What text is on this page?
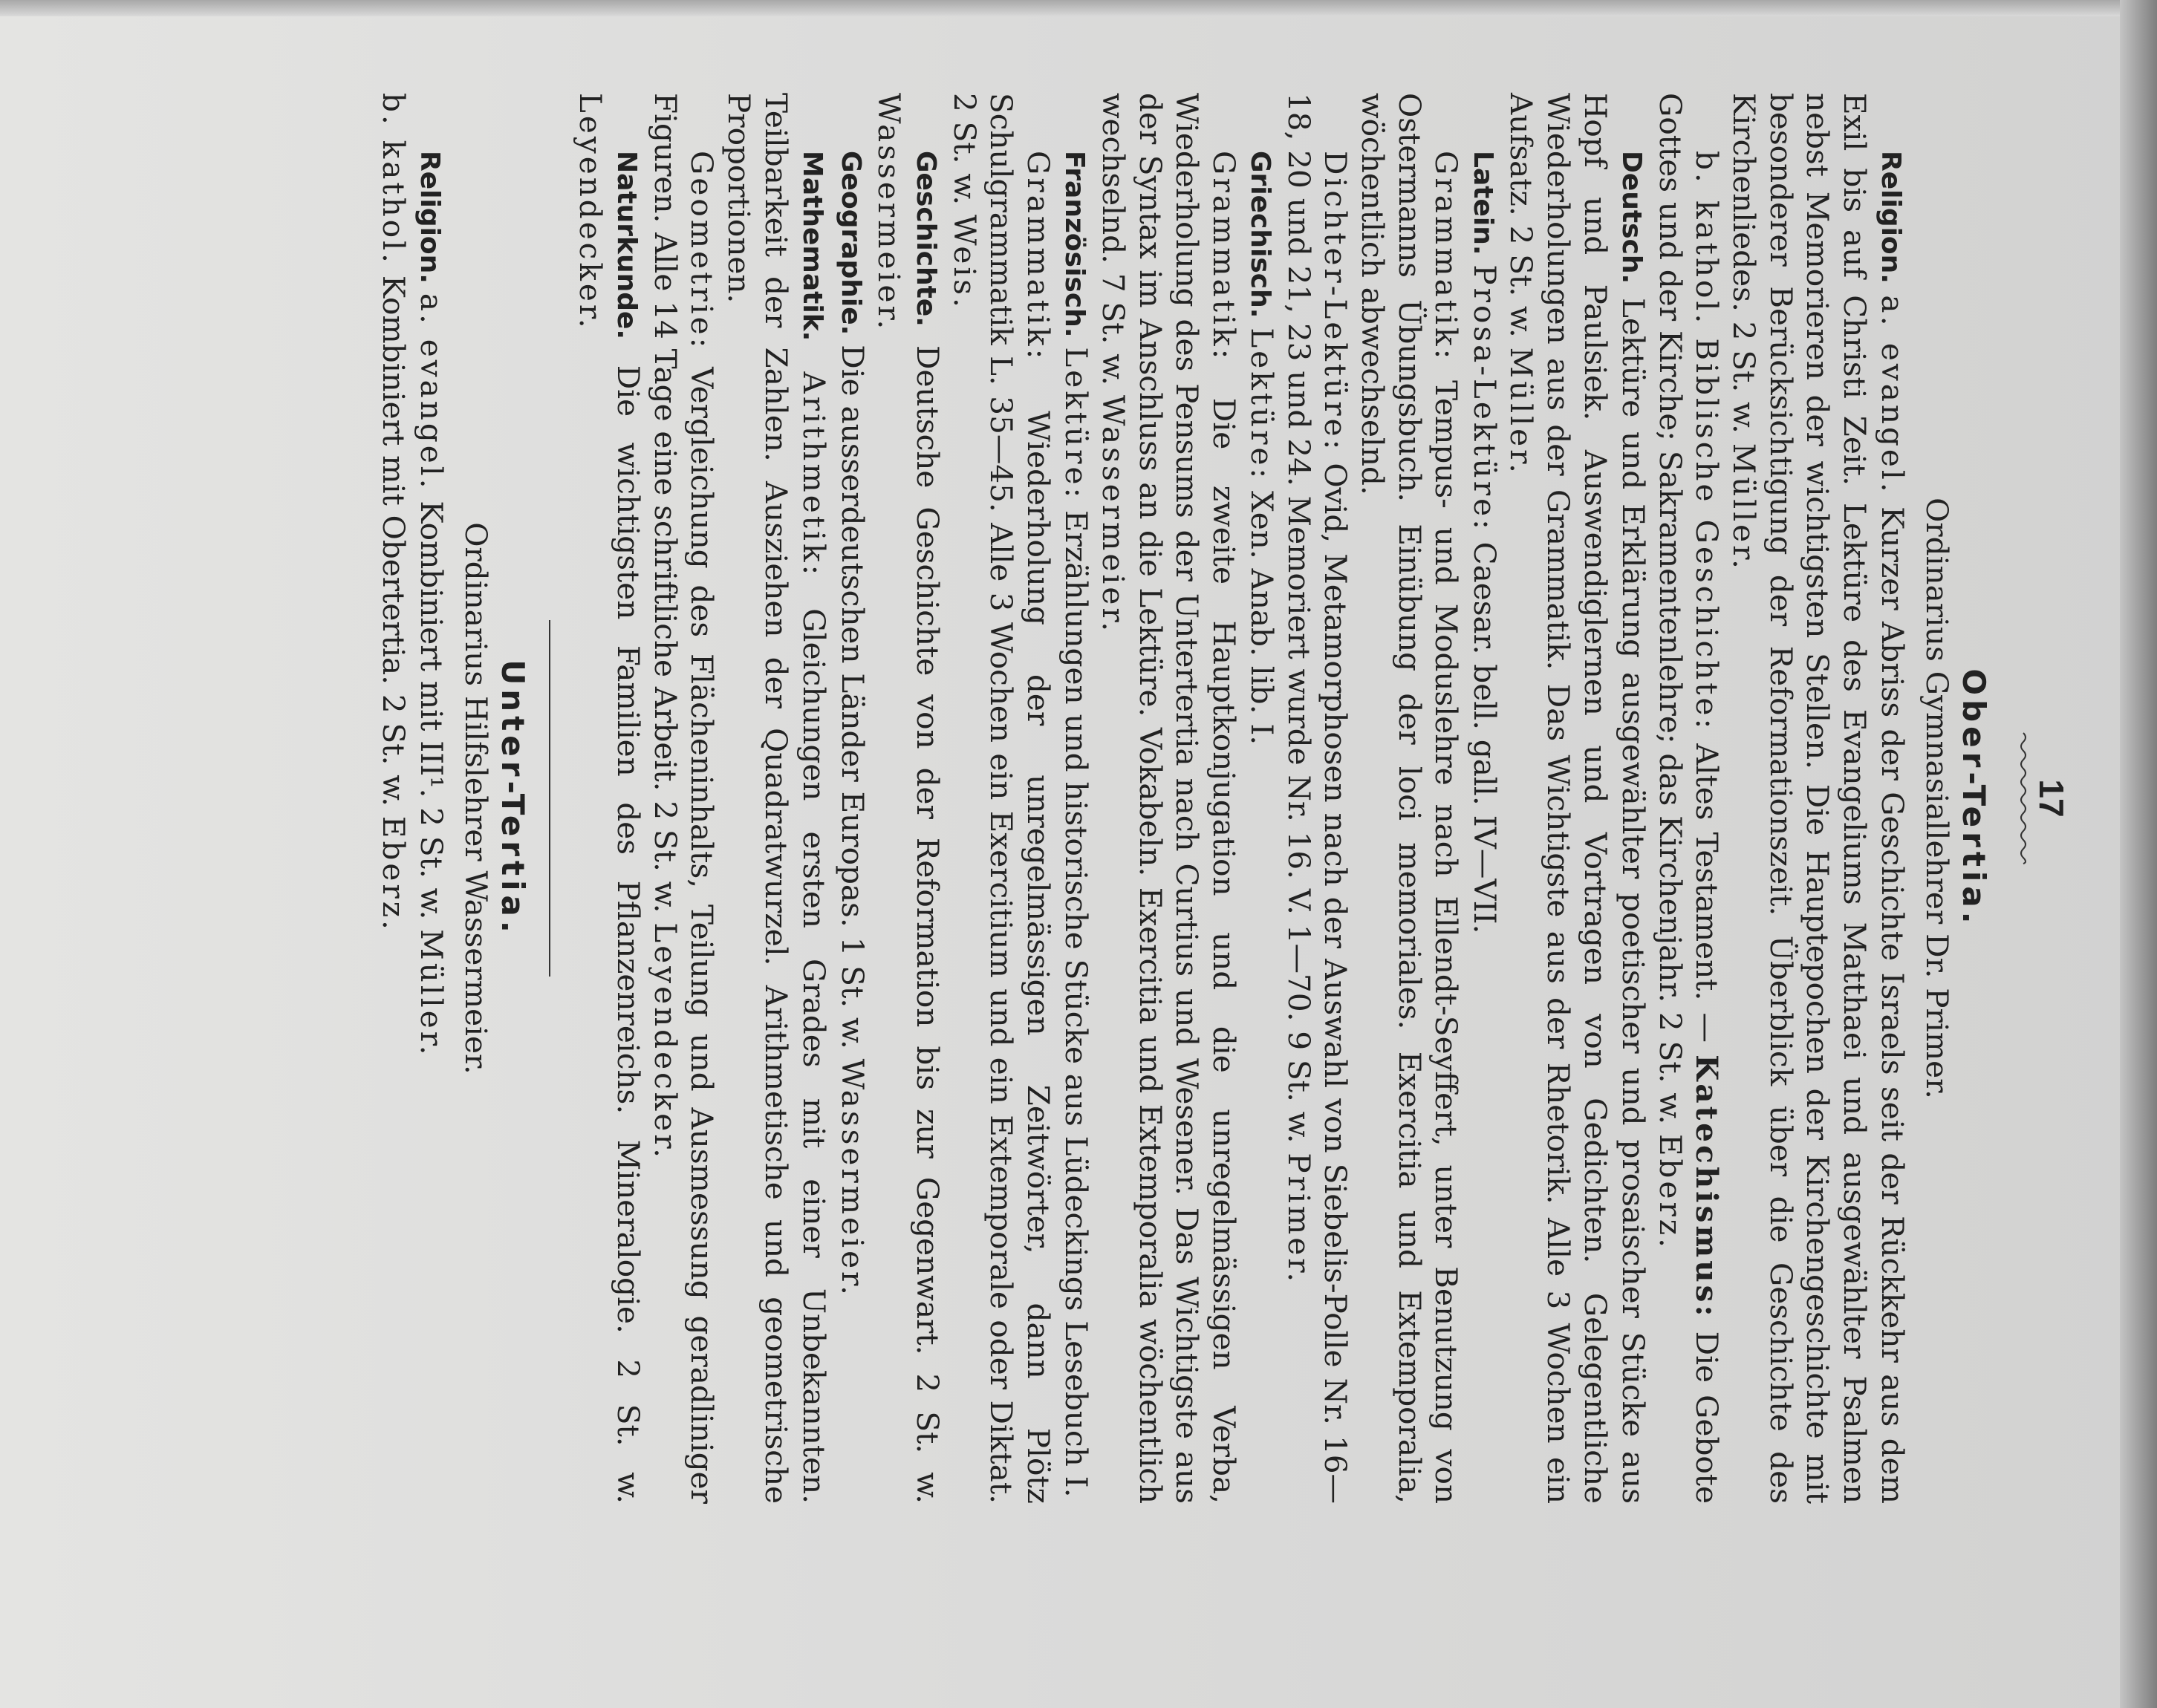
17

Ober-Tertia.

Ordinarius Gymnasiallehrer Dr. Primer.

Religion. a. evangel. Kurzer Abriss der Geschichte Israels seit der Rückkehr aus dem Exil bis auf Christi Zeit. Lektüre des Evangeliums Matthaei und ausgewählter Psalmen nebst Memorieren der wichtigsten Stellen. Die Hauptepochen der Kirchengeschichte mit besonderer Berücksichtigung der Reformationszeit. Überblick über die Geschichte des Kirchenliedes. 2 St. w. Müller.

b. kathol. Biblische Geschichte: Altes Testament. — Katechismus: Die Gebote Gottes und der Kirche; Sakramentenlehre; das Kirchenjahr. 2 St. w. Eberz.

Deutsch. Lektüre und Erklärung ausgewählter poetischer und prosaischer Stücke aus Hopf und Paulsiek. Auswendiglernen und Vortragen von Gedichten. Gelegentliche Wiederholungen aus der Grammatik. Das Wichtigste aus der Rhetorik. Alle 3 Wochen ein Aufsatz. 2 St. w. Müller.

Latein. Prosa-Lektüre: Caesar. bell. gall. IV—VII.

Grammatik: Tempus- und Moduslehre nach Ellendt-Seyffert, unter Benutzung von Ostermanns Übungsbuch. Einübung der loci memoriales. Exercitia und Extemporalia, wöchentlich abwechselnd.

Dichter-Lektüre: Ovid, Metamorphosen nach der Auswahl von Siebelis-Polle Nr. 16—18, 20 und 21, 23 und 24. Memoriert wurde Nr. 16. V. 1—70. 9 St. w. Primer.

Griechisch. Lektüre: Xen. Anab. lib. I.

Grammatik: Die zweite Hauptkonjugation und die unregelmässigen Verba, Wiederholung des Pensums der Untertertia nach Curtius und Wesener. Das Wichtigste aus der Syntax im Anschluss an die Lektüre. Vokabeln. Exercitia und Extemporalia wöchentlich wechselnd. 7 St. w. Wassermeier.

Französisch. Lektüre: Erzählungen und historische Stücke aus Lüdeckings Lesebuch I.

Grammatik: Wiederholung der unregelmässigen Zeitwörter, dann Plötz Schulgrammatik L. 35—45. Alle 3 Wochen ein Exercitium und ein Extemporale oder Diktat. 2 St. w. Weis.

Geschichte. Deutsche Geschichte von der Reformation bis zur Gegenwart. 2 St. w. Wassermeier.

Geographie. Die ausserdeutschen Länder Europas. 1 St. w. Wassermeier.

Mathematik. Arithmetik: Gleichungen ersten Grades mit einer Unbekannten. Teilbarkeit der Zahlen. Ausziehen der Quadratwurzel. Arithmetische und geometrische Proportionen.

Geometrie: Vergleichung des Flächeninhalts, Teilung und Ausmessung geradliniger Figuren. Alle 14 Tage eine schriftliche Arbeit. 2 St. w. Leyendecker.

Naturkunde. Die wichtigsten Familien des Pflanzenreichs. Mineralogie. 2 St. w. Leyendecker.

Unter-Tertia.

Ordinarius Hilfslehrer Wassermeier.

Religion. a. evangel. Kombiniert mit III¹. 2 St. w. Müller.

b. kathol. Kombiniert mit Obertertia. 2 St. w. Eberz.
